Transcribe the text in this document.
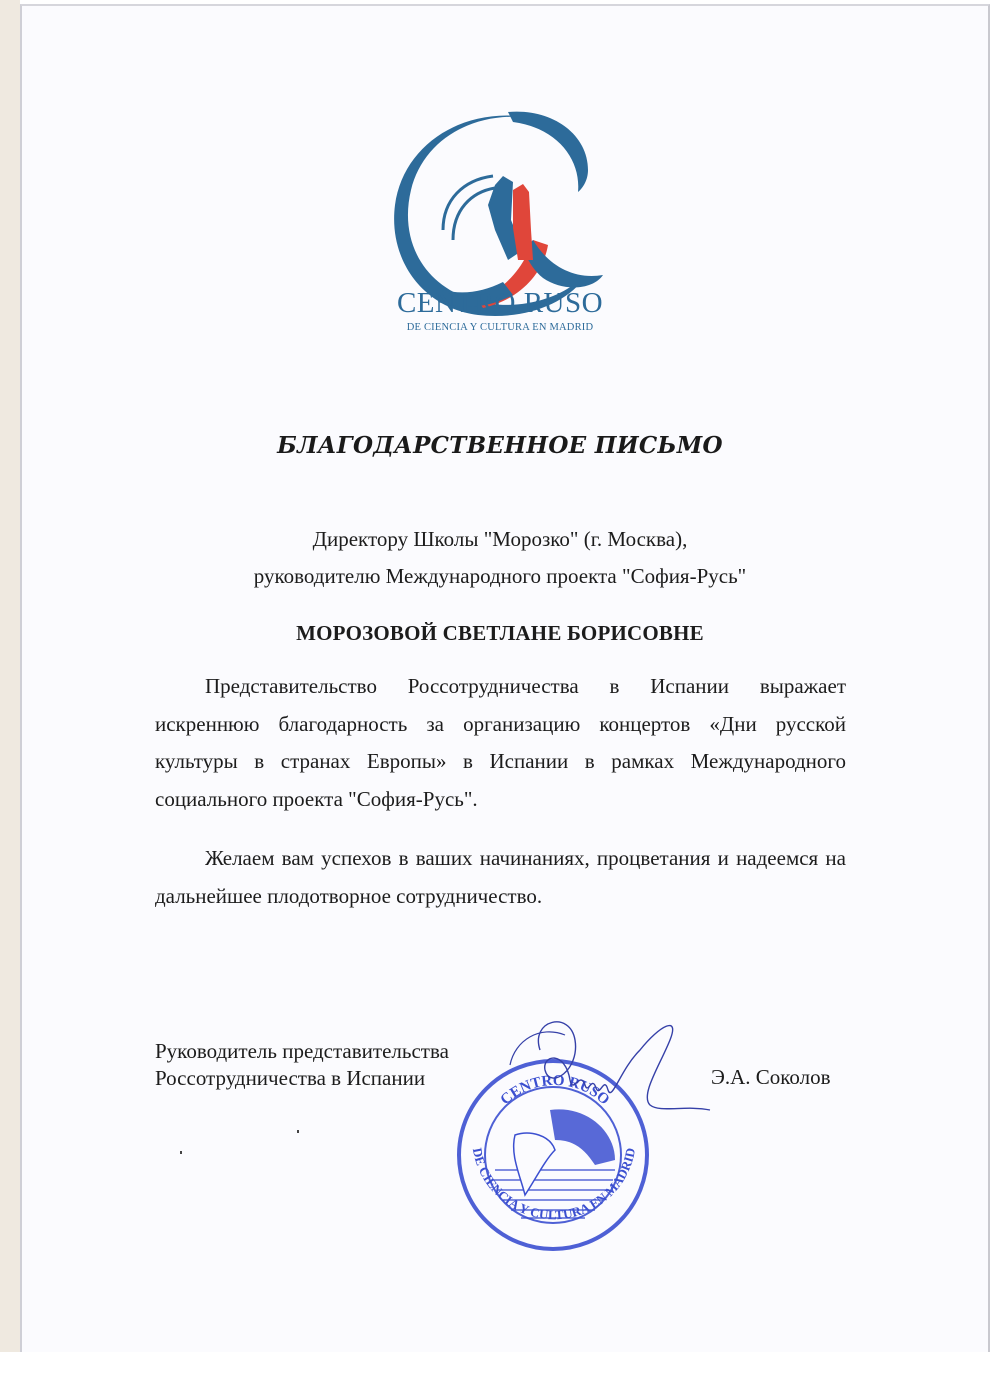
CENTRO RUSO
DE CIENCIA Y CULTURA EN MADRID
БЛАГОДАРСТВЕННОЕ ПИСЬМО
Директору Школы "Морозко" (г. Москва),
руководителю Международного проекта "София-Русь"
МОРОЗОВОЙ СВЕТЛАНЕ БОРИСОВНЕ
Представительство Россотрудничества в Испании выражает искреннюю благодарность за организацию концертов «Дни русской культуры в странах Европы» в Испании в рамках Международного социального проекта "София-Русь".
Желаем вам успехов в ваших начинаниях, процветания и надеемся на дальнейшее плодотворное сотрудничество.
Руководитель представительства
Россотрудничества в Испании	Э.А. Соколов
CENTRO RUSO
DE CIENCIA Y CULTURA EN MADRID
